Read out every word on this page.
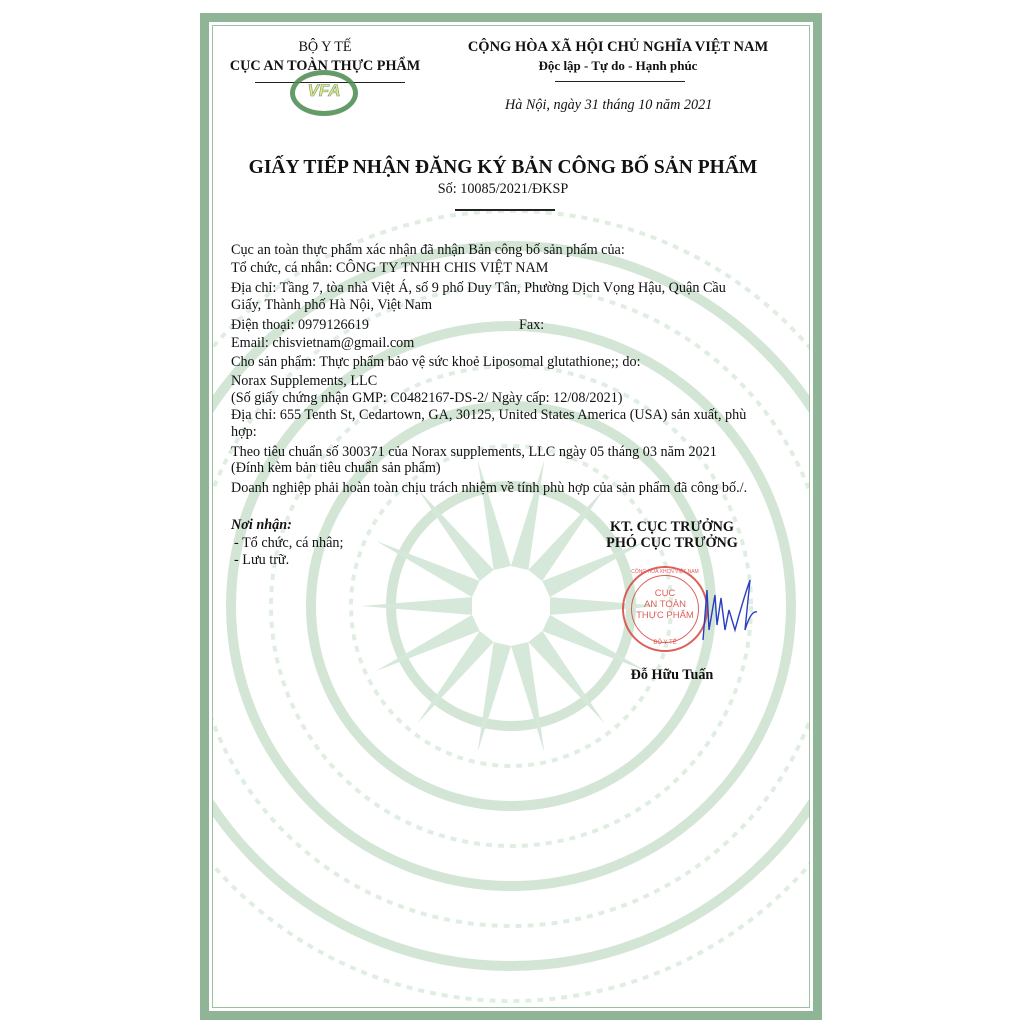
BỘ Y TẾ
CỤC AN TOÀN THỰC PHẨM
VFA
CỘNG HÒA XÃ HỘI CHỦ NGHĨA VIỆT NAM
Độc lập - Tự do - Hạnh phúc
Hà Nội, ngày 31 tháng 10 năm 2021
GIẤY TIẾP NHẬN ĐĂNG KÝ BẢN CÔNG BỐ SẢN PHẨM
Số: 10085/2021/ĐKSP
Cục an toàn thực phẩm xác nhận đã nhận Bản công bố sản phẩm của:
Tổ chức, cá nhân: CÔNG TY TNHH CHIS VIỆT NAM
Địa chỉ: Tầng 7, tòa nhà Việt Á, số 9 phố Duy Tân, Phường Dịch Vọng Hậu, Quận Cầu
Giấy, Thành phố Hà Nội, Việt Nam
Điện thoại: 0979126619	Fax:
Email: chisvietnam@gmail.com
Cho sản phẩm: Thực phẩm bảo vệ sức khoẻ Liposomal glutathione;; do:
Norax Supplements, LLC
(Số giấy chứng nhận GMP: C0482167-DS-2/ Ngày cấp: 12/08/2021)
Địa chỉ: 655 Tenth St, Cedartown, GA, 30125, United States America (USA) sản xuất, phù
hợp:
Theo tiêu chuẩn số 300371 của Norax supplements, LLC ngày 05 tháng 03 năm 2021
(Đính kèm bản tiêu chuẩn sản phẩm)
Doanh nghiệp phải hoàn toàn chịu trách nhiệm về tính phù hợp của sản phẩm đã công bố./.
Nơi nhận:
- Tổ chức, cá nhân;
- Lưu trữ.
KT. CỤC TRƯỞNG
PHÓ CỤC TRƯỞNG
CỤC
AN TOÀN
THỰC PHẨM
BỘ Y TẾ
CỘNG HÒA XHCN VIỆT NAM
Đỗ Hữu Tuấn
